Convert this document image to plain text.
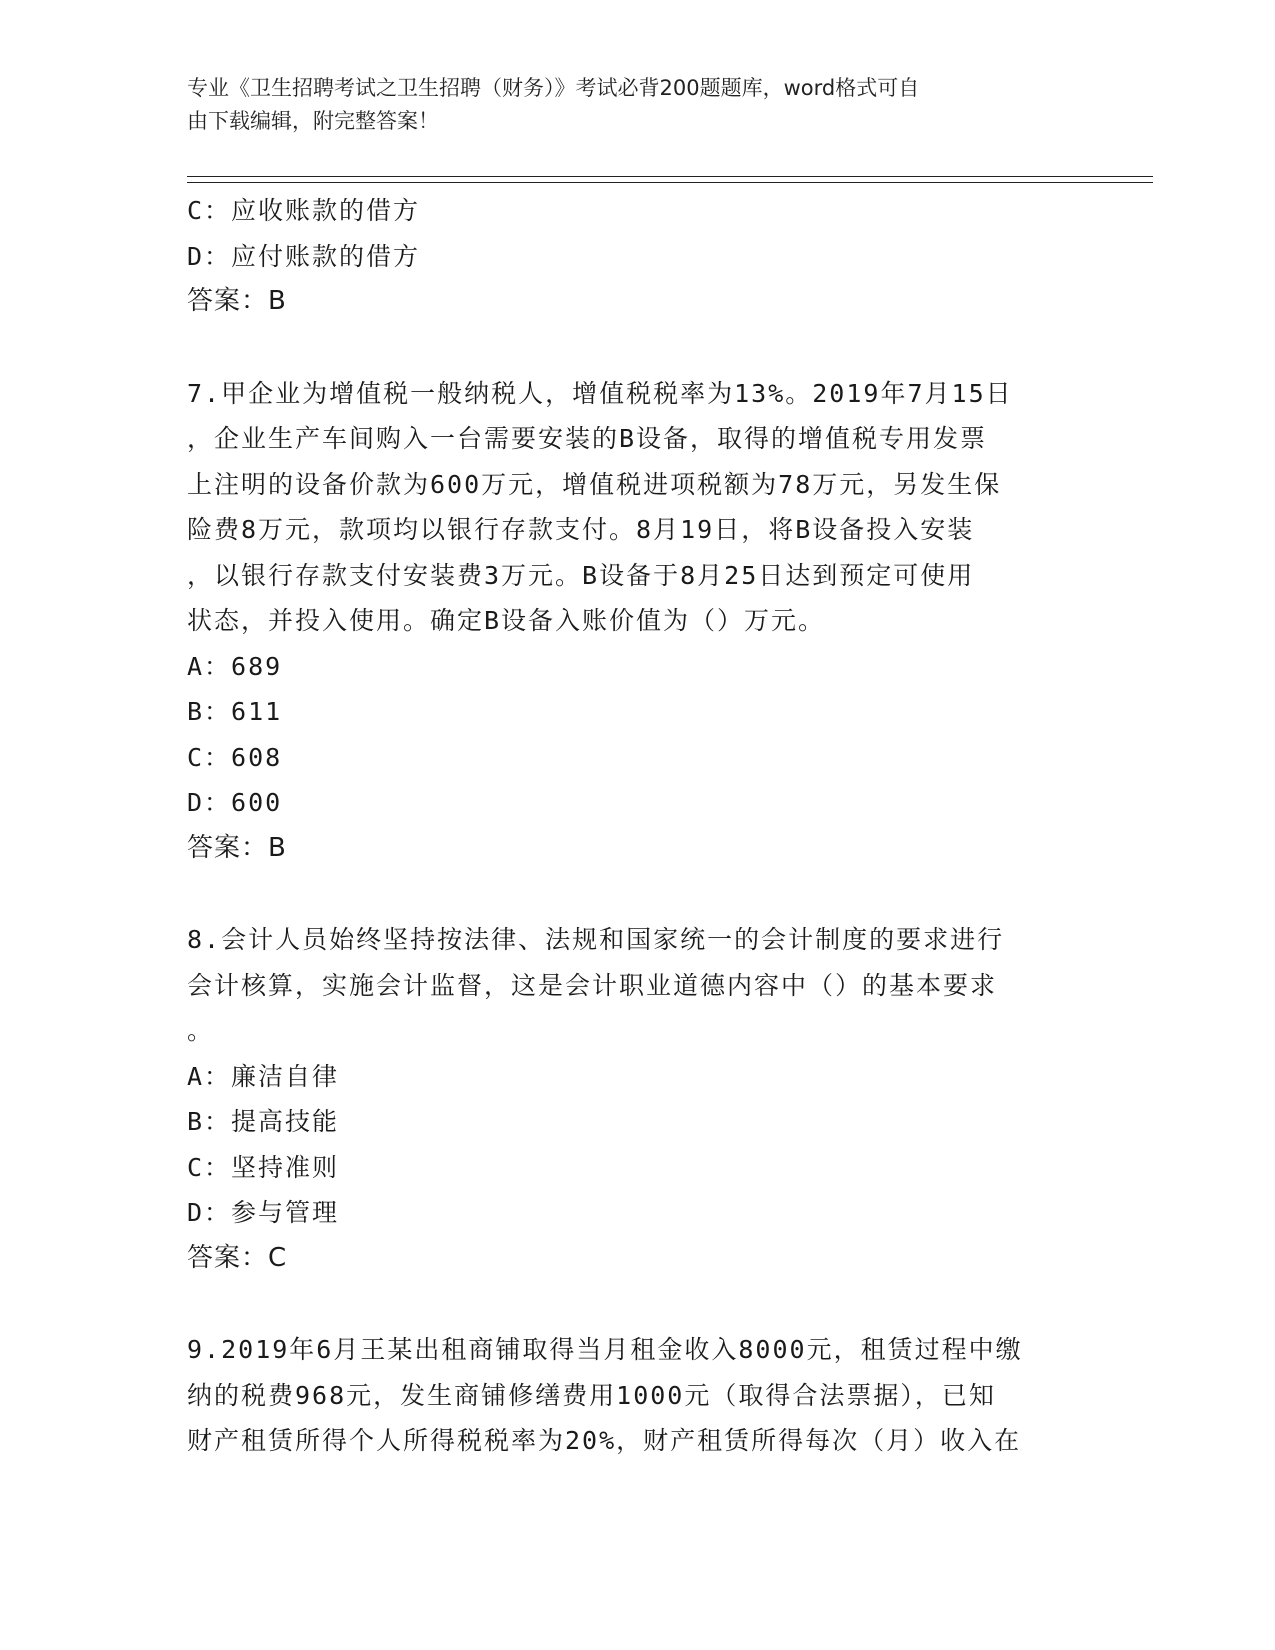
专业《卫生招聘考试之卫生招聘（财务）》考试必背200题题库，word格式可自
由下载编辑，附完整答案！
C：应收账款的借方
D：应付账款的借方
答案：B
7.甲企业为增值税一般纳税人，增值税税率为13%。2019年7月15日
，企业生产车间购入一台需要安装的B设备，取得的增值税专用发票
上注明的设备价款为600万元，增值税进项税额为78万元，另发生保
险费8万元，款项均以银行存款支付。8月19日，将B设备投入安装
，以银行存款支付安装费3万元。B设备于8月25日达到预定可使用
状态，并投入使用。确定B设备入账价值为（）万元。
A：689
B：611
C：608
D：600
答案：B
8.会计人员始终坚持按法律、法规和国家统一的会计制度的要求进行
会计核算，实施会计监督，这是会计职业道德内容中（）的基本要求
。
A：廉洁自律
B：提高技能
C：坚持准则
D：参与管理
答案：C
9.2019年6月王某出租商铺取得当月租金收入8000元，租赁过程中缴
纳的税费968元，发生商铺修缮费用1000元（取得合法票据），已知
财产租赁所得个人所得税税率为20%，财产租赁所得每次（月）收入在
